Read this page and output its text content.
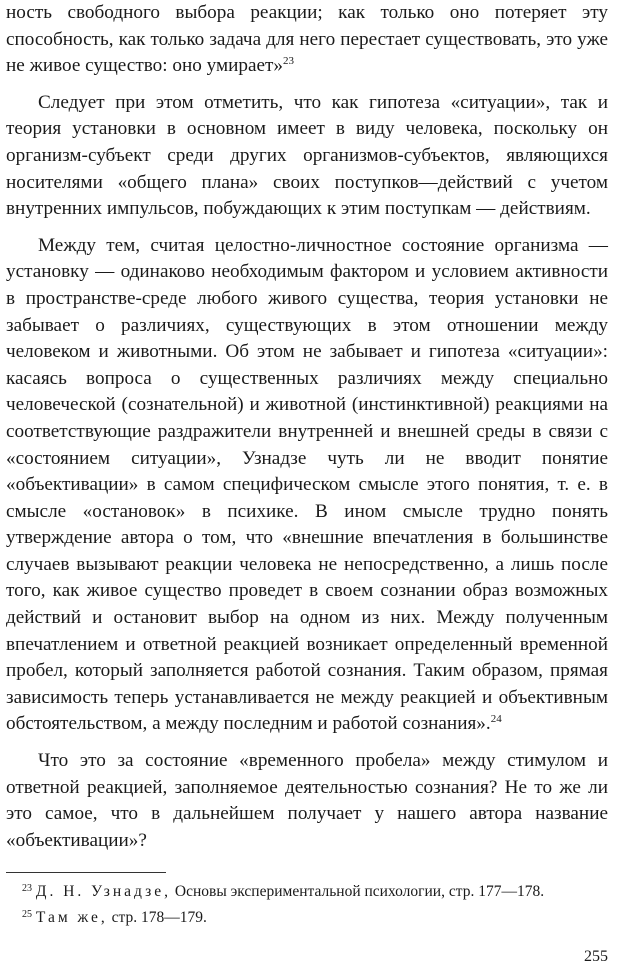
ность свободного выбора реакции; как только оно потеряет эту способность, как только задача для него перестает существовать, это уже не живое существо: оно умирает»$^{23}$

Следует при этом отметить, что как гипотеза «ситуации», так и теория установки в основном имеет в виду человека, поскольку он организм-субъект среди других организмов-субъектов, являющихся носителями «общего плана» своих поступков—действий с учетом внутренних импульсов, побуждающих к этим поступкам — действиям.

Между тем, считая целостно-личностное состояние организма — установку — одинаково необходимым фактором и условием активности в пространстве-среде любого живого существа, теория установки не забывает о различиях, существующих в этом отношении между человеком и животными. Об этом не забывает и гипотеза «ситуации»: касаясь вопроса о существенных различиях между специально человеческой (сознательной) и животной (инстинктивной) реакциями на соответствующие раздражители внутренней и внешней среды в связи с «состоянием ситуации», Узнадзе чуть ли не вводит понятие «объективации» в самом специфическом смысле этого понятия, т. е. в смысле «остановок» в психике. В ином смысле трудно понять утверждение автора о том, что «внешние впечатления в большинстве случаев вызывают реакции человека не непосредственно, а лишь после того, как живое существо проведет в своем сознании образ возможных действий и остановит выбор на одном из них. Между полученным впечатлением и ответной реакцией возникает определенный временной пробел, который заполняется работой сознания. Таким образом, прямая зависимость теперь устанавливается не между реакцией и объективным обстоятельством, а между последним и работой сознания».$^{24}$

Что это за состояние «временного пробела» между стимулом и ответной реакцией, заполняемое деятельностью сознания? Не то же ли это самое, что в дальнейшем получает у нашего автора название «объективации»?

$^{23}$ Д. Н. Узнадзе, Основы экспериментальной психологии, стр. 177—178.

$^{25}$ Там же, стр. 178—179.

255
